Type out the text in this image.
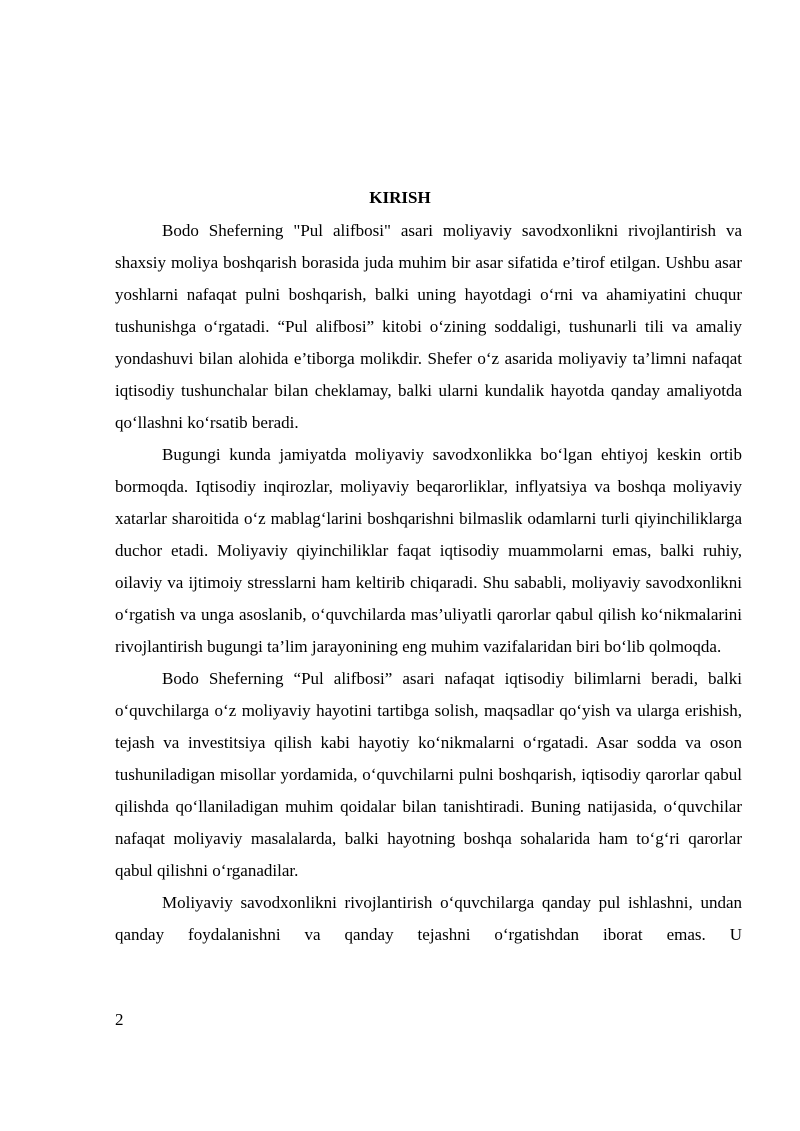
KIRISH

Bodo Sheferning "Pul alifbosi" asari moliyaviy savodxonlikni rivojlantirish va shaxsiy moliya boshqarish borasida juda muhim bir asar sifatida e’tirof etilgan. Ushbu asar yoshlarni nafaqat pulni boshqarish, balki uning hayotdagi o‘rni va ahamiyatini chuqur tushunishga o‘rgatadi. “Pul alifbosi” kitobi o‘zining soddaligi, tushunarli tili va amaliy yondashuvi bilan alohida e’tiborga molikdir. Shefer o‘z asarida moliyaviy ta’limni nafaqat iqtisodiy tushunchalar bilan cheklamay, balki ularni kundalik hayotda qanday amaliyotda qo‘llashni ko‘rsatib beradi.

Bugungi kunda jamiyatda moliyaviy savodxonlikka bo‘lgan ehtiyoj keskin ortib bormoqda. Iqtisodiy inqirozlar, moliyaviy beqarorliklar, inflyatsiya va boshqa moliyaviy xatarlar sharoitida o‘z mablag‘larini boshqarishni bilmaslik odamlarni turli qiyinchiliklarga duchor etadi. Moliyaviy qiyinchiliklar faqat iqtisodiy muammolarni emas, balki ruhiy, oilaviy va ijtimoiy stresslarni ham keltirib chiqaradi. Shu sababli, moliyaviy savodxonlikni o‘rgatish va unga asoslanib, o‘quvchilarda mas’uliyatli qarorlar qabul qilish ko‘nikmalarini rivojlantirish bugungi ta’lim jarayonining eng muhim vazifalaridan biri bo‘lib qolmoqda.

Bodo Sheferning “Pul alifbosi” asari nafaqat iqtisodiy bilimlarni beradi, balki o‘quvchilarga o‘z moliyaviy hayotini tartibga solish, maqsadlar qo‘yish va ularga erishish, tejash va investitsiya qilish kabi hayotiy ko‘nikmalarni o‘rgatadi. Asar sodda va oson tushuniladigan misollar yordamida, o‘quvchilarni pulni boshqarish, iqtisodiy qarorlar qabul qilishda qo‘llaniladigan muhim qoidalar bilan tanishtiradi. Buning natijasida, o‘quvchilar nafaqat moliyaviy masalalarda, balki hayotning boshqa sohalarida ham to‘g‘ri qarorlar qabul qilishni o‘rganadilar.

Moliyaviy savodxonlikni rivojlantirish o‘quvchilarga qanday pul ishlashni, undan qanday foydalanishni va qanday tejashni o‘rgatishdan iborat emas. U

2
